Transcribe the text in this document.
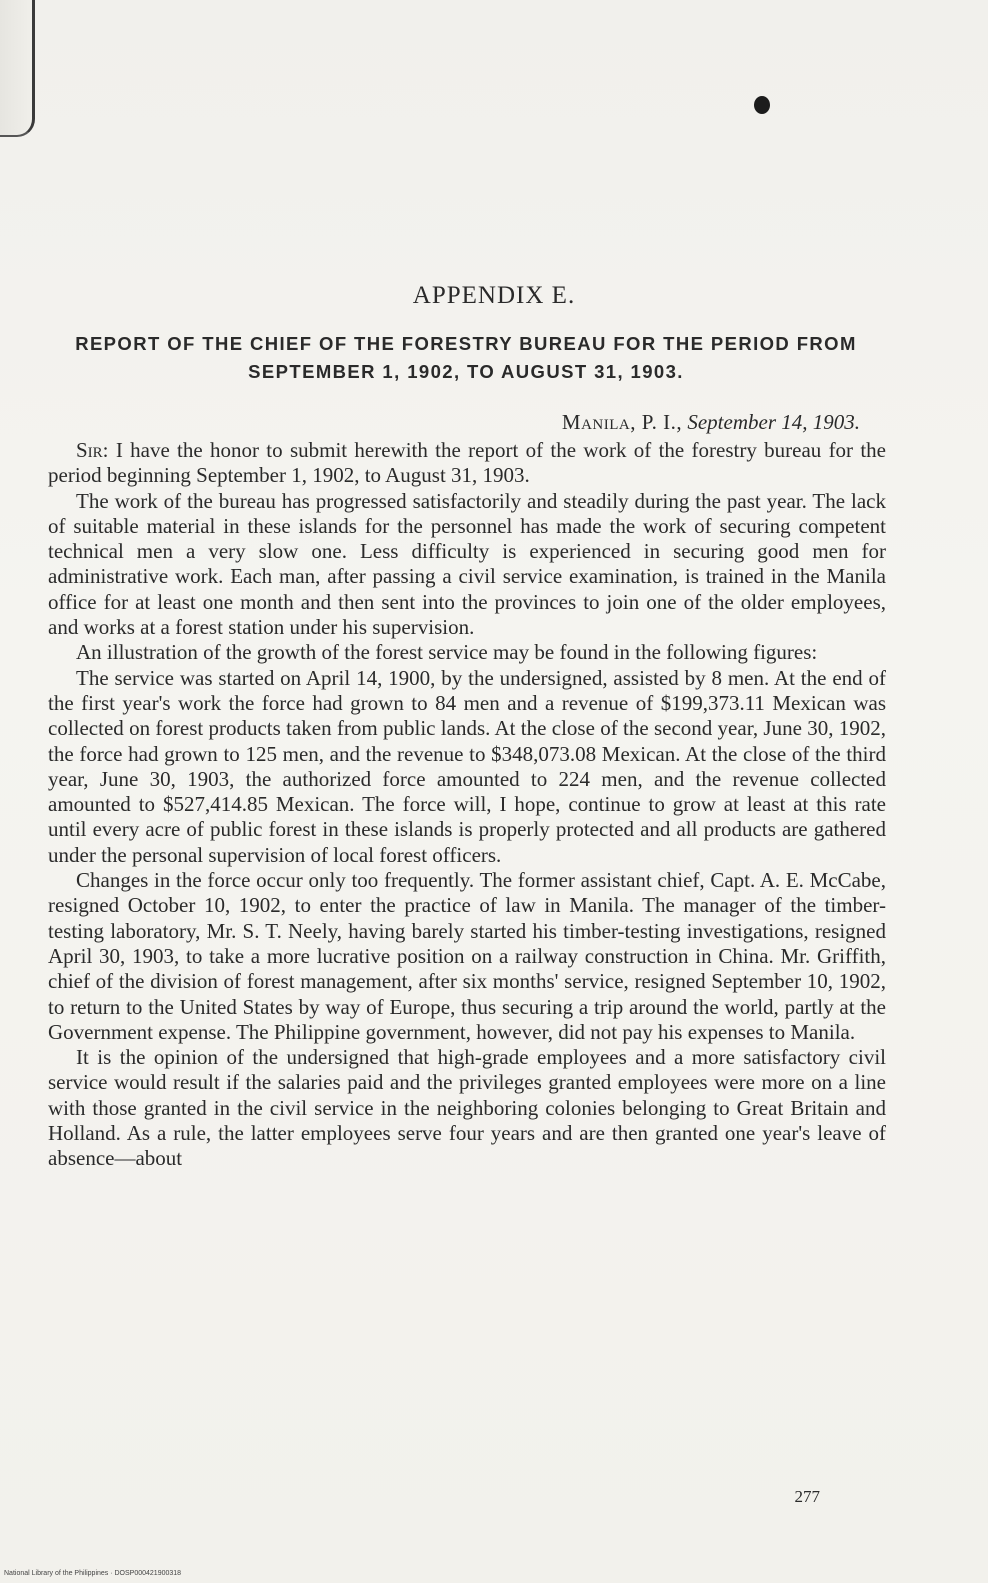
APPENDIX E.
REPORT OF THE CHIEF OF THE FORESTRY BUREAU FOR THE PERIOD FROM SEPTEMBER 1, 1902, TO AUGUST 31, 1903.
Manila, P. I., September 14, 1903.

Sir: I have the honor to submit herewith the report of the work of the forestry bureau for the period beginning September 1, 1902, to August 31, 1903.

The work of the bureau has progressed satisfactorily and steadily during the past year. The lack of suitable material in these islands for the personnel has made the work of securing competent technical men a very slow one. Less difficulty is experienced in securing good men for administrative work. Each man, after passing a civil service examination, is trained in the Manila office for at least one month and then sent into the provinces to join one of the older employees, and works at a forest station under his supervision.

An illustration of the growth of the forest service may be found in the following figures:

The service was started on April 14, 1900, by the undersigned, assisted by 8 men. At the end of the first year's work the force had grown to 84 men and a revenue of $199,373.11 Mexican was collected on forest products taken from public lands. At the close of the second year, June 30, 1902, the force had grown to 125 men, and the revenue to $348,073.08 Mexican. At the close of the third year, June 30, 1903, the authorized force amounted to 224 men, and the revenue collected amounted to $527,414.85 Mexican. The force will, I hope, continue to grow at least at this rate until every acre of public forest in these islands is properly protected and all products are gathered under the personal supervision of local forest officers.

Changes in the force occur only too frequently. The former assistant chief, Capt. A. E. McCabe, resigned October 10, 1902, to enter the practice of law in Manila. The manager of the timber-testing laboratory, Mr. S. T. Neely, having barely started his timber-testing investigations, resigned April 30, 1903, to take a more lucrative position on a railway construction in China. Mr. Griffith, chief of the division of forest management, after six months' service, resigned September 10, 1902, to return to the United States by way of Europe, thus securing a trip around the world, partly at the Government expense. The Philippine government, however, did not pay his expenses to Manila.

It is the opinion of the undersigned that high-grade employees and a more satisfactory civil service would result if the salaries paid and the privileges granted employees were more on a line with those granted in the civil service in the neighboring colonies belonging to Great Britain and Holland. As a rule, the latter employees serve four years and are then granted one year's leave of absence—about

277
National Library of the Philippines · DOSP000421900318
